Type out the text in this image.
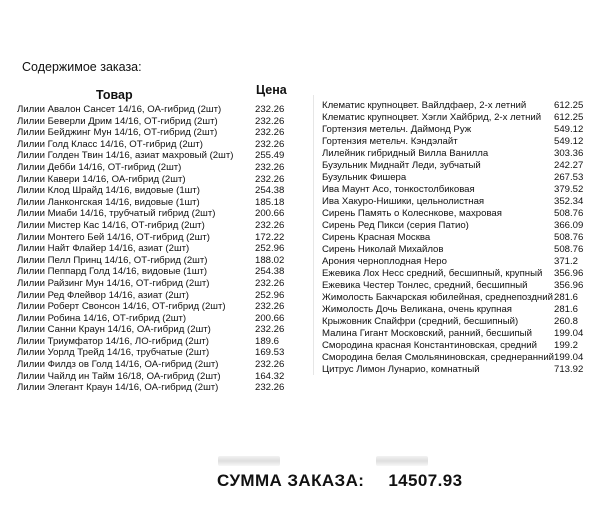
Содержимое заказа:
Товар	Цена
Лилии Авалон Сансет 14/16, ОА-гибрид (2шт)	232.26
Лилии Беверли Дрим 14/16, ОТ-гибрид (2шт)	232.26
Лилии Бейджинг Мун 14/16, ОТ-гибрид (2шт)	232.26
Лилии Голд Класс 14/16, ОТ-гибрид (2шт)	232.26
Лилии Голден Твин 14/16, азиат махровый (2шт) 255.49
Лилии Дебби 14/16, ОТ-гибрид (2шт)	232.26
Лилии Кавери 14/16, ОА-гибрид (2шт)	232.26
Лилии Клод Шрайд 14/16, видовые (1шт)	254.38
Лилии Ланконгская 14/16, видовые (1шт)	185.18
Лилии Миаби 14/16, трубчатый гибрид (2шт)	200.66
Лилии Мистер Кас 14/16, ОТ-гибрид (2шт)	232.26
Лилии Монтего Бей 14/16, ОТ-гибрид (2шт)	172.22
Лилии Найт Флайер 14/16, азиат (2шт)	252.96
Лилии Пелл Принц 14/16, ОТ-гибрид (2шт)	188.02
Лилии Пеппард Голд 14/16, видовые (1шт)	254.38
Лилии Райзинг Мун 14/16, ОТ-гибрид (2шт)	232.26
Лилии Ред Флейвор 14/16, азиат (2шт)	252.96
Лилии Роберт Свонсон 14/16, ОТ-гибрид (2шт)	232.26
Лилии Робина 14/16, ОТ-гибрид (2шт)	200.66
Лилии Санни Краун 14/16, ОА-гибрид (2шт)	232.26
Лилии Триумфатор 14/16, ЛО-гибрид (2шт)	189.6
Лилии Уорлд Трейд 14/16, трубчатые (2шт)	169.53
Лилии Филдз ов Голд 14/16, ОА-гибрид (2шт)	232.26
Лилии Чайлд ин Тайм 16/18, ОА-гибрид (2шт)	164.32
Лилии Элегант Краун 14/16, ОА-гибрид (2шт)	232.26
Клематис крупноцвет. Вайлдфаер, 2-х летний	612.25
Клематис крупноцвет. Хэгли Хайбрид, 2-х летний 612.25
Гортензия метельч. Даймонд Руж	549.12
Гортензия метельч. Кэндэлайт	549.12
Лилейник гибридный Вилла Ванилла	303.36
Бузульник Миднайт Леди, зубчатый	242.27
Бузульник Фишера	267.53
Ива Маунт Асо, тонкостолбиковая	379.52
Ива Хакуро-Нишики, цельнолистная	352.34
Сирень Память о Колеснкове, махровая	508.76
Сирень Ред Пикси (серия Патио)	366.09
Сирень Красная Москва	508.76
Сирень Николай Михайлов	508.76
Арония черноплодная Неро	371.2
Ежевика Лох Несс средний, бесшипный, крупный 356.96
Ежевика Честер Тонлес, средний, бесшипный	356.96
Жимолость Бакчарская юбилейная, среднепоздний 281.6
Жимолость Дочь Великана, очень крупная	281.6
Крыжовник Спайфри (средний, бесшипный)	260.8
Малина Гигант Московский, ранний, бесшипый 199.04
Смородина красная Константиновская, средний 199.2
Смородина белая Смольяниновская, среднеранний 199.04
Цитрус Лимон Лунарио, комнатный	713.92
СУММА ЗАКАЗА: 14507.93
